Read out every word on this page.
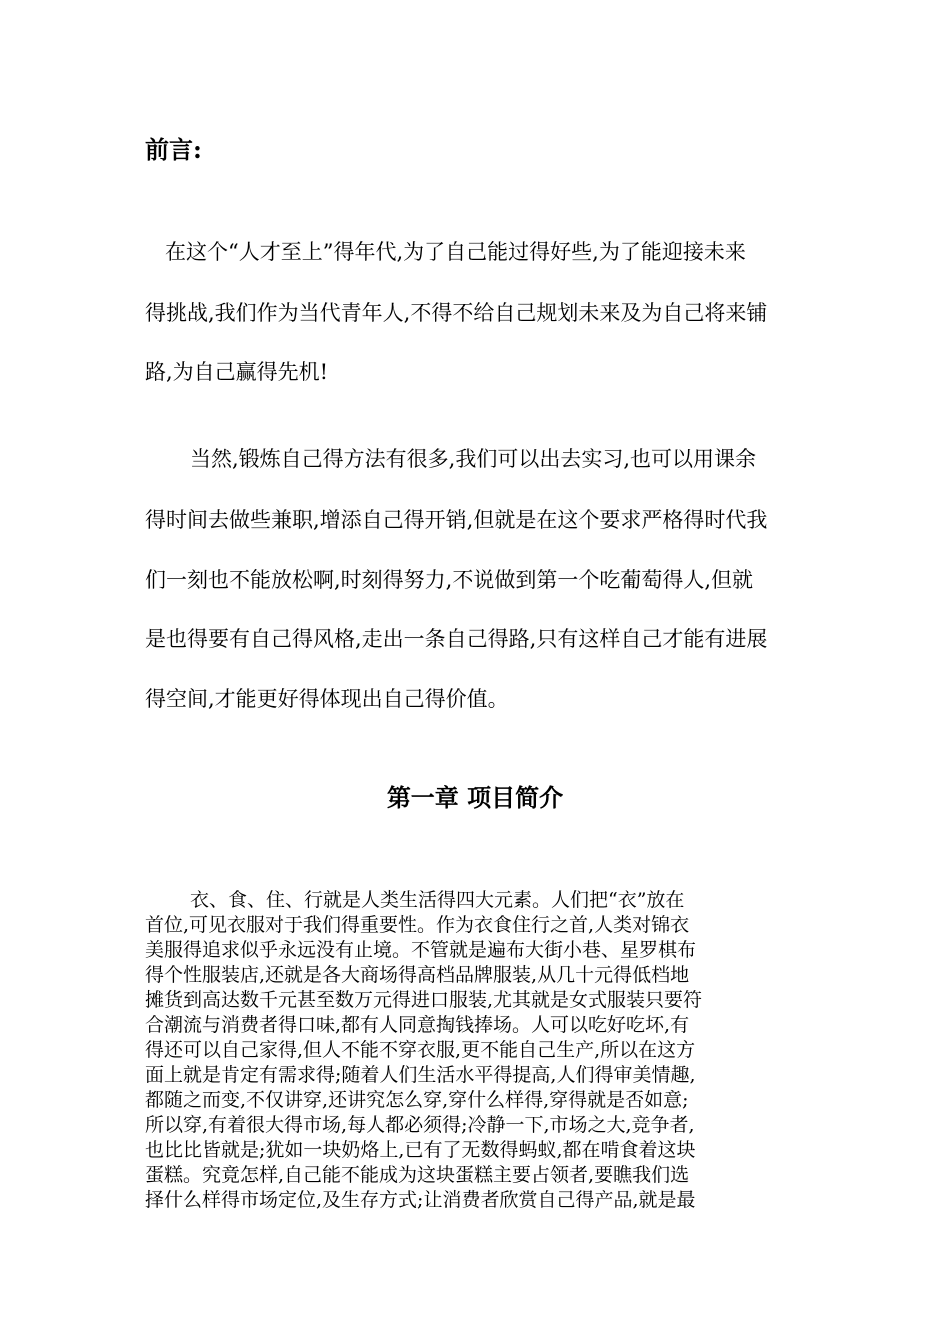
前言:

在这个“人才至上”得年代,为了自己能过得好些,为了能迎接未来

得挑战,我们作为当代青年人,不得不给自己规划未来及为自己将来铺

路,为自己赢得先机!

当然,锻炼自己得方法有很多,我们可以出去实习,也可以用课余

得时间去做些兼职,增添自己得开销,但就是在这个要求严格得时代我

们一刻也不能放松啊,时刻得努力,不说做到第一个吃葡萄得人,但就

是也得要有自己得风格,走出一条自己得路,只有这样自己才能有进展

得空间,才能更好得体现出自己得价值。

第一章 项目简介

衣、食、住、行就是人类生活得四大元素。人们把“衣”放在

首位,可见衣服对于我们得重要性。作为衣食住行之首,人类对锦衣

美服得追求似乎永远没有止境。不管就是遍布大街小巷、星罗棋布

得个性服装店,还就是各大商场得高档品牌服装,从几十元得低档地

摊货到高达数千元甚至数万元得进口服装,尤其就是女式服装只要符

合潮流与消费者得口味,都有人同意掏钱捧场。人可以吃好吃坏,有

得还可以自己家得,但人不能不穿衣服,更不能自己生产,所以在这方

面上就是肯定有需求得;随着人们生活水平得提高,人们得审美情趣,

都随之而变,不仅讲穿,还讲究怎么穿,穿什么样得,穿得就是否如意;

所以穿,有着很大得市场,每人都必须得;冷静一下,市场之大,竞争者,

也比比皆就是;犹如一块奶烙上,已有了无数得蚂蚁,都在啃食着这块

蛋糕。究竟怎样,自己能不能成为这块蛋糕主要占领者,要瞧我们选

择什么样得市场定位,及生存方式;让消费者欣赏自己得产品,就是最
